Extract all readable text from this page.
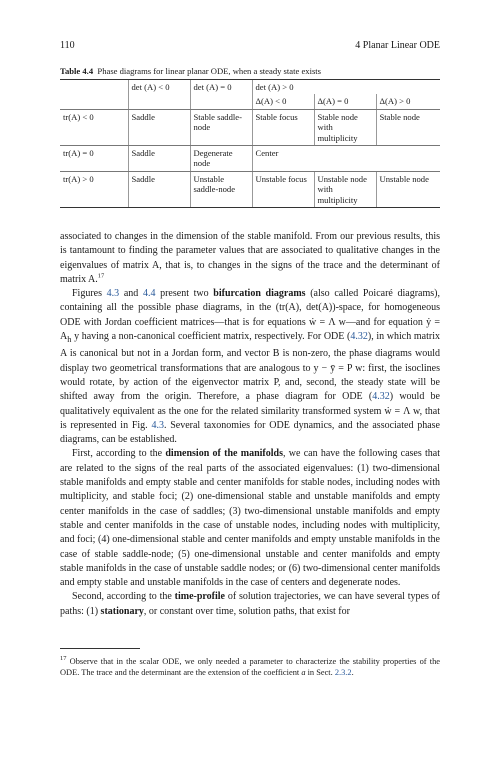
110	4 Planar Linear ODE
Table 4.4 Phase diagrams for linear planar ODE, when a steady state exists
	det (A) < 0	det (A) = 0	det (A) > 0		
			Δ(A) < 0	Δ(A) = 0	Δ(A) > 0
tr(A) < 0	Saddle	Stable saddle-node	Stable focus	Stable node with multiplicity	Stable node
tr(A) = 0	Saddle	Degenerate node	Center		
tr(A) > 0	Saddle	Unstable saddle-node	Unstable focus	Unstable node with multiplicity	Unstable node

associated to changes in the dimension of the stable manifold. From our previous results, this is tantamount to finding the parameter values that are associated to qualitative changes in the eigenvalues of matrix A, that is, to changes in the signs of the trace and the determinant of matrix A.$^{17}$

Figures 4.3 and 4.4 present two bifurcation diagrams (also called Poicaré diagrams), containing all the possible phase diagrams, in the (tr(A), det(A))-space, for homogeneous ODE with Jordan coefficient matrices—that is for equations ẇ = Λ w—and for equation ẏ = $A_h$ y having a non-canonical coefficient matrix, respectively. For ODE (4.32), in which matrix A is canonical but not in a Jordan form, and vector B is non-zero, the phase diagrams would display two geometrical transformations that are analogous to y − ȳ = P w: first, the isoclines would rotate, by action of the eigenvector matrix P, and, second, the steady state will be shifted away from the origin. Therefore, a phase diagram for ODE (4.32) would be qualitatively equivalent as the one for the related similarity transformed system ẇ = Λ w, that is represented in Fig. 4.3. Several taxonomies for ODE dynamics, and the associated phase diagrams, can be established.

First, according to the dimension of the manifolds, we can have the following cases that are related to the signs of the real parts of the associated eigenvalues: (1) two-dimensional stable manifolds and empty stable and center manifolds for stable nodes, including nodes with multiplicity, and stable foci; (2) one-dimensional stable and unstable manifolds and empty center manifolds in the case of saddles; (3) two-dimensional unstable manifolds and empty stable and center manifolds in the case of unstable nodes, including nodes with multiplicity, and foci; (4) one-dimensional stable and center manifolds and empty unstable manifolds in the case of stable saddle-node; (5) one-dimensional unstable and center manifolds and empty stable manifolds in the case of unstable saddle nodes; or (6) two-dimensional center manifolds and empty stable and unstable manifolds in the case of centers and degenerate nodes.

Second, according to the time-profile of solution trajectories, we can have several types of paths: (1) stationary, or constant over time, solution paths, that exist for

$^{17}$ Observe that in the scalar ODE, we only needed a parameter to characterize the stability properties of the ODE. The trace and the determinant are the extension of the coefficient a in Sect. 2.3.2.
